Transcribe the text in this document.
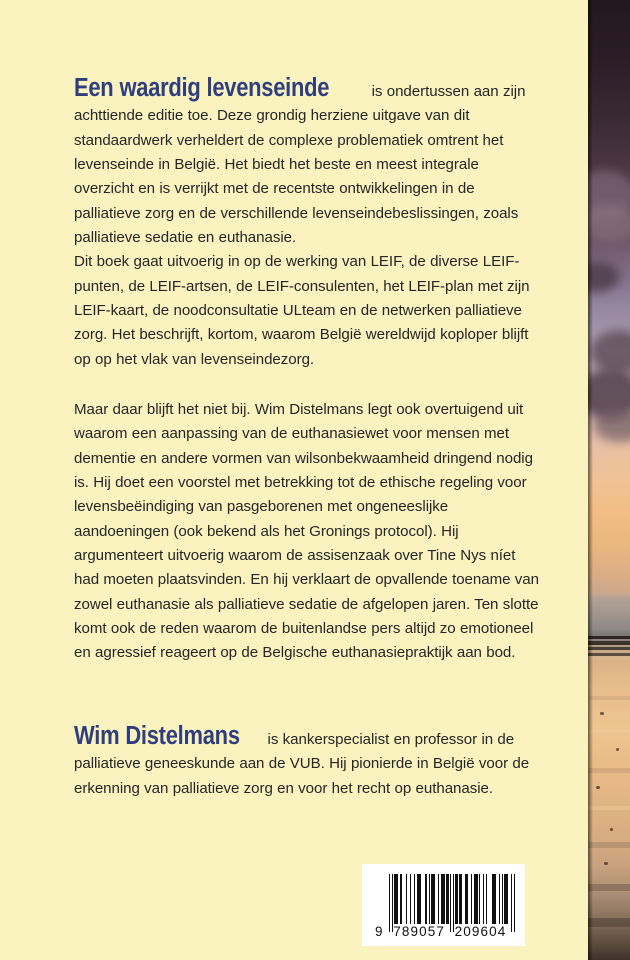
Een waardig levenseinde	is ondertussen aan zijn achttiende editie toe. Deze grondig herziene uitgave van dit standaardwerk verheldert de complexe problematiek omtrent het levenseinde in België. Het biedt het beste en meest integrale overzicht en is verrijkt met de recentste ontwikkelingen in de palliatieve zorg en de verschillende levenseindebeslissingen, zoals palliatieve sedatie en euthanasie.

Dit boek gaat uitvoerig in op de werking van LEIF, de diverse LEIF-punten, de LEIF-artsen, de LEIF-consulenten, het LEIF-plan met zijn LEIF-kaart, de noodconsultatie ULteam en de netwerken palliatieve zorg. Het beschrijft, kortom, waarom België wereldwijd koploper blijft op op het vlak van levenseindezorg.

Maar daar blijft het niet bij. Wim Distelmans legt ook overtuigend uit waarom een aanpassing van de euthanasiewet voor mensen met dementie en andere vormen van wilsonbekwaamheid dringend nodig is. Hij doet een voorstel met betrekking tot de ethische regeling voor levensbeëindiging van pasgeborenen met ongeneeslijke aandoeningen (ook bekend als het Gronings protocol). Hij argumenteert uitvoerig waarom de assisenzaak over Tine Nys níet had moeten plaatsvinden. En hij verklaart de opvallende toename van zowel euthanasie als palliatieve sedatie de afgelopen jaren. Ten slotte komt ook de reden waarom de buitenlandse pers altijd zo emotioneel en agressief reageert op de Belgische euthanasiepraktijk aan bod.

Wim Distelmans is kankerspecialist en professor in de palliatieve geneeskunde aan de VUB. Hij pionierde in België voor de erkenning van palliatieve zorg en voor het recht op euthanasie.

9  789057  209604
